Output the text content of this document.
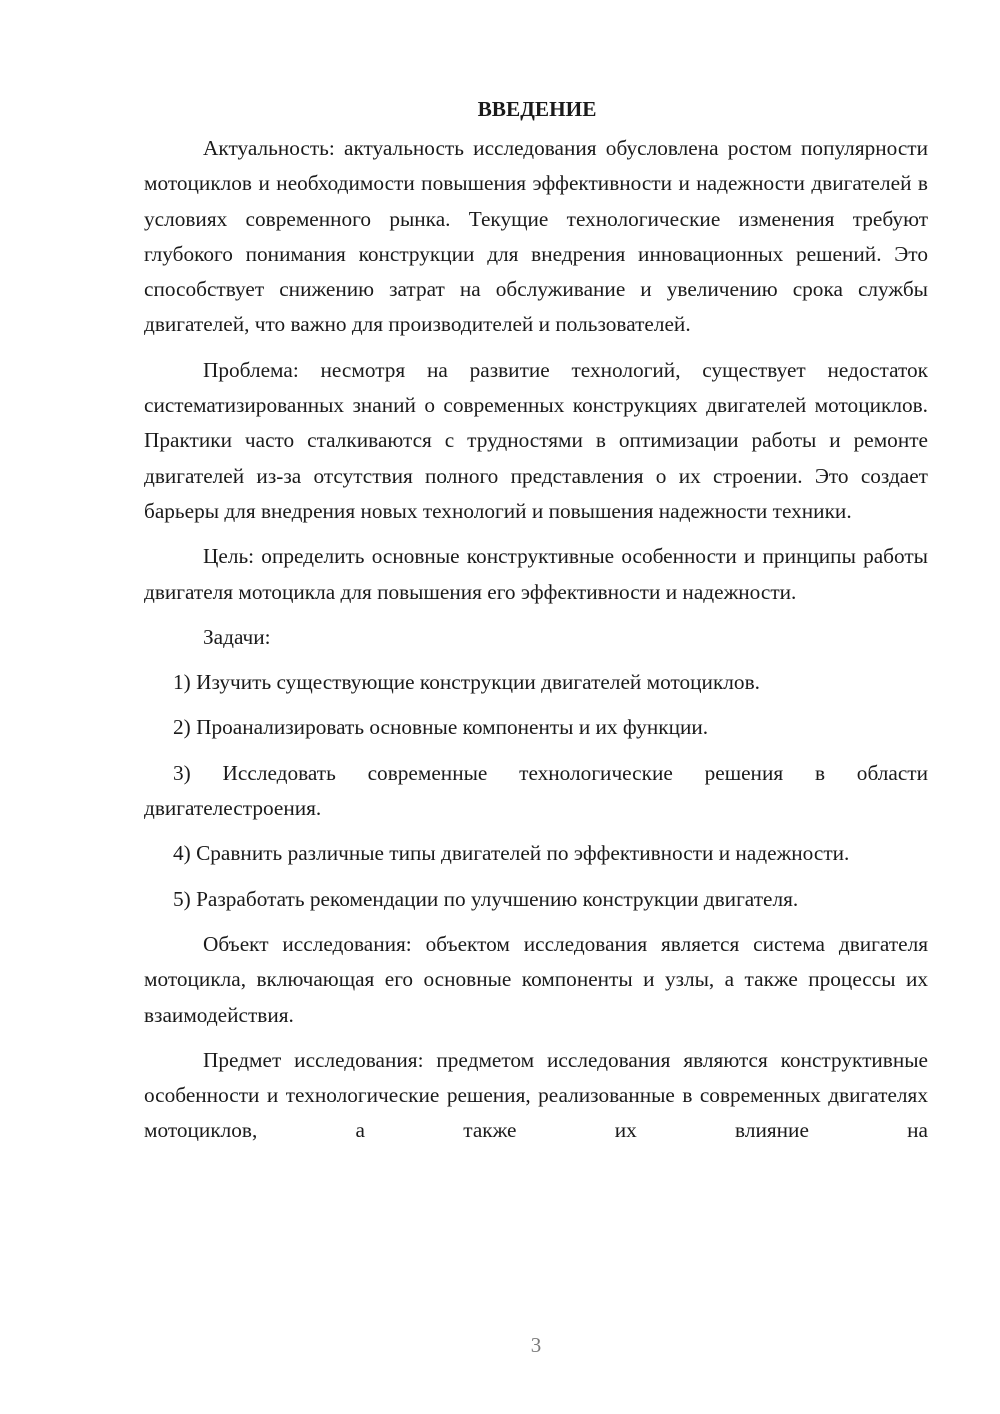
ВВЕДЕНИЕ

Актуальность: актуальность исследования обусловлена ростом популярности мотоциклов и необходимости повышения эффективности и надежности двигателей в условиях современного рынка. Текущие технологические изменения требуют глубокого понимания конструкции для внедрения инновационных решений. Это способствует снижению затрат на обслуживание и увеличению срока службы двигателей, что важно для производителей и пользователей.

Проблема: несмотря на развитие технологий, существует недостаток систематизированных знаний о современных конструкциях двигателей мотоциклов. Практики часто сталкиваются с трудностями в оптимизации работы и ремонте двигателей из-за отсутствия полного представления о их строении. Это создает барьеры для внедрения новых технологий и повышения надежности техники.

Цель: определить основные конструктивные особенности и принципы работы двигателя мотоцикла для повышения его эффективности и надежности.

Задачи:

1) Изучить существующие конструкции двигателей мотоциклов.

2) Проанализировать основные компоненты и их функции.

3) Исследовать современные технологические решения в области двигателестроения.

4) Сравнить различные типы двигателей по эффективности и надежности.

5) Разработать рекомендации по улучшению конструкции двигателя.

Объект исследования: объектом исследования является система двигателя мотоцикла, включающая его основные компоненты и узлы, а также процессы их взаимодействия.

Предмет исследования: предметом исследования являются конструктивные особенности и технологические решения, реализованные в современных двигателях мотоциклов, а также их влияние на

3
